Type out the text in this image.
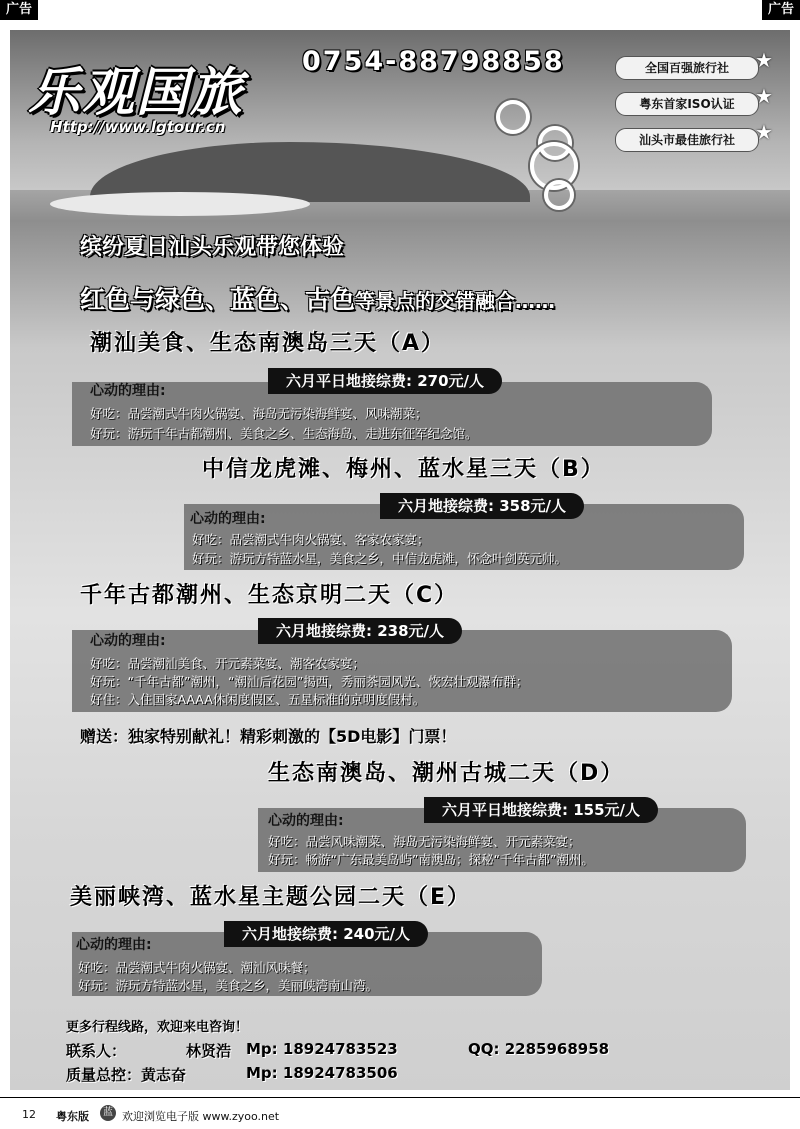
广告	广告
乐观国旅
Http://www.lgtour.cn
0754-88798858	全国百强旅行社	★
粤东首家ISO认证	★
汕头市最佳旅行社	★
缤纷夏日汕头乐观带您体验
红色与绿色、蓝色、古色等景点的交错融合……
潮汕美食、生态南澳岛三天（A）
六月平日地接综费: 270元/人
心动的理由:
好吃：品尝潮式牛肉火锅宴、海岛无污染海鲜宴、风味潮菜；
好玩：游玩千年古都潮州、美食之乡、生态海岛、走进东征军纪念馆。
中信龙虎滩、梅州、蓝水星三天（B）
六月地接综费: 358元/人
心动的理由:
好吃：品尝潮式牛肉火锅宴、客家农家宴；
好玩：游玩方特蓝水星，美食之乡，中信龙虎滩，怀念叶剑英元帅。
千年古都潮州、生态京明二天（C）
六月地接综费: 238元/人
心动的理由:
好吃：品尝潮汕美食、开元素菜宴、潮客农家宴；
好玩：“千年古都”潮州，“潮汕后花园”揭西，秀丽茶园风光、恢宏壮观瀑布群；
好住：入住国家AAAA休闲度假区、五星标准的京明度假村。
赠送：独家特别献礼！精彩刺激的【5D电影】门票！
生态南澳岛、潮州古城二天（D）
六月平日地接综费: 155元/人
心动的理由:
好吃：品尝风味潮菜、海岛无污染海鲜宴、开元素菜宴；
好玩：畅游“广东最美岛屿”南澳岛；探秘“千年古都”潮州。
美丽峡湾、蓝水星主题公园二天（E）
六月地接综费: 240元/人
心动的理由:
好吃：品尝潮式牛肉火锅宴、潮汕风味餐；
好玩：游玩方特蓝水星，美食之乡，美丽峡湾南山湾。
更多行程线路，欢迎来电咨询！
联系人：	林贤浩 Mp: 18924783523	QQ: 2285968958
质量总控：黄志奋	Mp: 18924783506
12 粤东版	蓝 欢迎浏览电子版 www.zyoo.net
